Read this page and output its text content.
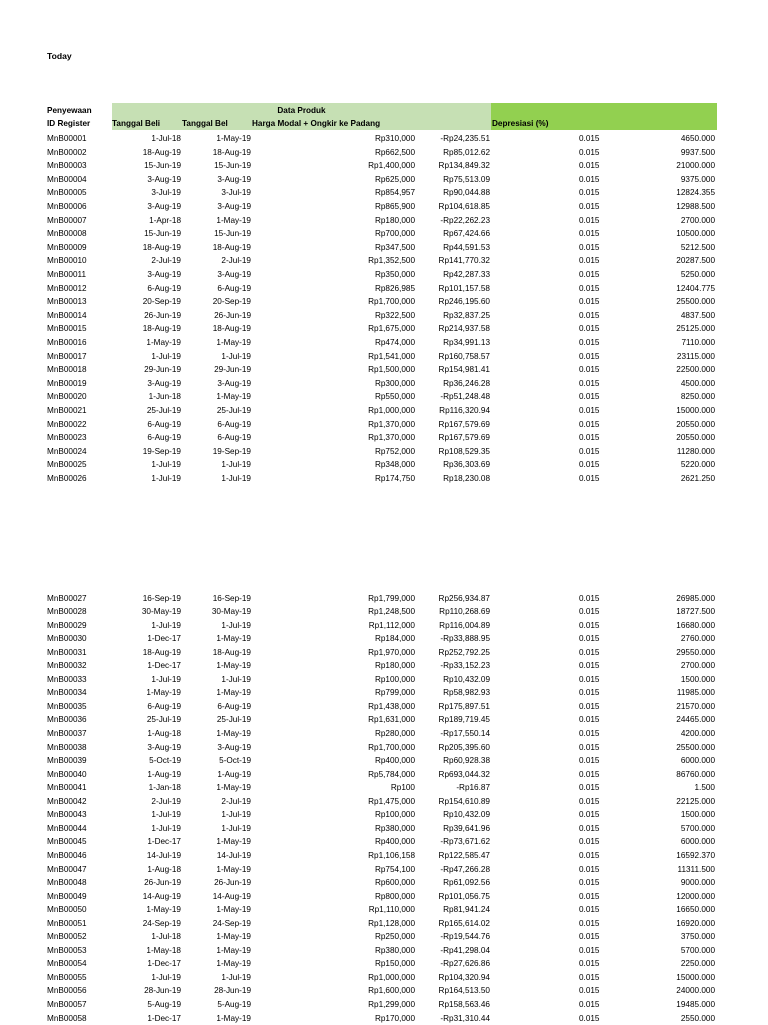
Today
Penyewaan
ID Register
Data Produk
Tanggal Beli	Tanggal Bel	Harga Modal + Ongkir ke Padang	Depresiasi (%)
MnB00001	1-Jul-18	1-May-19	Rp310,000	-Rp24,235.51	0.015	4650.000
MnB00002	18-Aug-19	18-Aug-19	Rp662,500	Rp85,012.62	0.015	9937.500
MnB00003	15-Jun-19	15-Jun-19	Rp1,400,000	Rp134,849.32	0.015	21000.000
MnB00004	3-Aug-19	3-Aug-19	Rp625,000	Rp75,513.09	0.015	9375.000
MnB00005	3-Jul-19	3-Jul-19	Rp854,957	Rp90,044.88	0.015	12824.355
MnB00006	3-Aug-19	3-Aug-19	Rp865,900	Rp104,618.85	0.015	12988.500
MnB00007	1-Apr-18	1-May-19	Rp180,000	-Rp22,262.23	0.015	2700.000
MnB00008	15-Jun-19	15-Jun-19	Rp700,000	Rp67,424.66	0.015	10500.000
MnB00009	18-Aug-19	18-Aug-19	Rp347,500	Rp44,591.53	0.015	5212.500
MnB00010	2-Jul-19	2-Jul-19	Rp1,352,500	Rp141,770.32	0.015	20287.500
MnB00011	3-Aug-19	3-Aug-19	Rp350,000	Rp42,287.33	0.015	5250.000
MnB00012	6-Aug-19	6-Aug-19	Rp826,985	Rp101,157.58	0.015	12404.775
MnB00013	20-Sep-19	20-Sep-19	Rp1,700,000	Rp246,195.60	0.015	25500.000
MnB00014	26-Jun-19	26-Jun-19	Rp322,500	Rp32,837.25	0.015	4837.500
MnB00015	18-Aug-19	18-Aug-19	Rp1,675,000	Rp214,937.58	0.015	25125.000
MnB00016	1-May-19	1-May-19	Rp474,000	Rp34,991.13	0.015	7110.000
MnB00017	1-Jul-19	1-Jul-19	Rp1,541,000	Rp160,758.57	0.015	23115.000
MnB00018	29-Jun-19	29-Jun-19	Rp1,500,000	Rp154,981.41	0.015	22500.000
MnB00019	3-Aug-19	3-Aug-19	Rp300,000	Rp36,246.28	0.015	4500.000
MnB00020	1-Jun-18	1-May-19	Rp550,000	-Rp51,248.48	0.015	8250.000
MnB00021	25-Jul-19	25-Jul-19	Rp1,000,000	Rp116,320.94	0.015	15000.000
MnB00022	6-Aug-19	6-Aug-19	Rp1,370,000	Rp167,579.69	0.015	20550.000
MnB00023	6-Aug-19	6-Aug-19	Rp1,370,000	Rp167,579.69	0.015	20550.000
MnB00024	19-Sep-19	19-Sep-19	Rp752,000	Rp108,529.35	0.015	11280.000
MnB00025	1-Jul-19	1-Jul-19	Rp348,000	Rp36,303.69	0.015	5220.000
MnB00026	1-Jul-19	1-Jul-19	Rp174,750	Rp18,230.08	0.015	2621.250
MnB00027	16-Sep-19	16-Sep-19	Rp1,799,000	Rp256,934.87	0.015	26985.000
MnB00028	30-May-19	30-May-19	Rp1,248,500	Rp110,268.69	0.015	18727.500
MnB00029	1-Jul-19	1-Jul-19	Rp1,112,000	Rp116,004.89	0.015	16680.000
MnB00030	1-Dec-17	1-May-19	Rp184,000	-Rp33,888.95	0.015	2760.000
MnB00031	18-Aug-19	18-Aug-19	Rp1,970,000	Rp252,792.25	0.015	29550.000
MnB00032	1-Dec-17	1-May-19	Rp180,000	-Rp33,152.23	0.015	2700.000
MnB00033	1-Jul-19	1-Jul-19	Rp100,000	Rp10,432.09	0.015	1500.000
MnB00034	1-May-19	1-May-19	Rp799,000	Rp58,982.93	0.015	11985.000
MnB00035	6-Aug-19	6-Aug-19	Rp1,438,000	Rp175,897.51	0.015	21570.000
MnB00036	25-Jul-19	25-Jul-19	Rp1,631,000	Rp189,719.45	0.015	24465.000
MnB00037	1-Aug-18	1-May-19	Rp280,000	-Rp17,550.14	0.015	4200.000
MnB00038	3-Aug-19	3-Aug-19	Rp1,700,000	Rp205,395.60	0.015	25500.000
MnB00039	5-Oct-19	5-Oct-19	Rp400,000	Rp60,928.38	0.015	6000.000
MnB00040	1-Aug-19	1-Aug-19	Rp5,784,000	Rp693,044.32	0.015	86760.000
MnB00041	1-Jan-18	1-May-19	Rp100	-Rp16.87	0.015	1.500
MnB00042	2-Jul-19	2-Jul-19	Rp1,475,000	Rp154,610.89	0.015	22125.000
MnB00043	1-Jul-19	1-Jul-19	Rp100,000	Rp10,432.09	0.015	1500.000
MnB00044	1-Jul-19	1-Jul-19	Rp380,000	Rp39,641.96	0.015	5700.000
MnB00045	1-Dec-17	1-May-19	Rp400,000	-Rp73,671.62	0.015	6000.000
MnB00046	14-Jul-19	14-Jul-19	Rp1,106,158	Rp122,585.47	0.015	16592.370
MnB00047	1-Aug-18	1-May-19	Rp754,100	-Rp47,266.28	0.015	11311.500
MnB00048	26-Jun-19	26-Jun-19	Rp600,000	Rp61,092.56	0.015	9000.000
MnB00049	14-Aug-19	14-Aug-19	Rp800,000	Rp101,056.75	0.015	12000.000
MnB00050	1-May-19	1-May-19	Rp1,110,000	Rp81,941.24	0.015	16650.000
MnB00051	24-Sep-19	24-Sep-19	Rp1,128,000	Rp165,614.02	0.015	16920.000
MnB00052	1-Jul-18	1-May-19	Rp250,000	-Rp19,544.76	0.015	3750.000
MnB00053	1-May-18	1-May-19	Rp380,000	-Rp41,298.04	0.015	5700.000
MnB00054	1-Dec-17	1-May-19	Rp150,000	-Rp27,626.86	0.015	2250.000
MnB00055	1-Jul-19	1-Jul-19	Rp1,000,000	Rp104,320.94	0.015	15000.000
MnB00056	28-Jun-19	28-Jun-19	Rp1,600,000	Rp164,513.50	0.015	24000.000
MnB00057	5-Aug-19	5-Aug-19	Rp1,299,000	Rp158,563.46	0.015	19485.000
MnB00058	1-Dec-17	1-May-19	Rp170,000	-Rp31,310.44	0.015	2550.000
